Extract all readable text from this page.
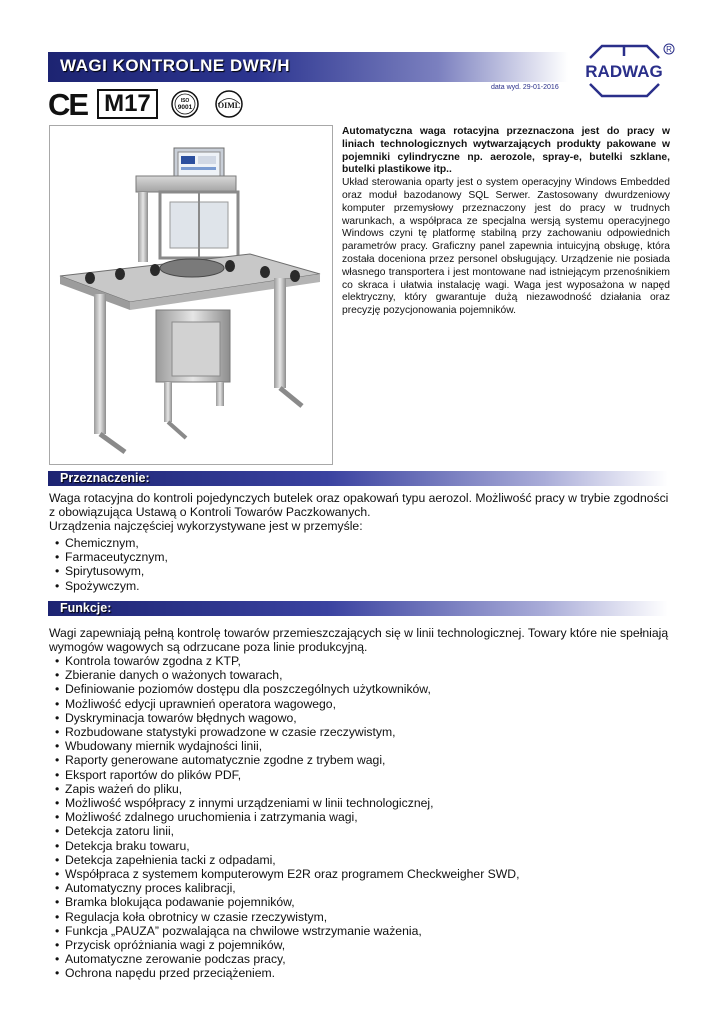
WAGI KONTROLNE DWR/H	RADWAG
R
data wyd. 29-01-2016
CE M17	ISO
9001	OIML
Automatyczna waga rotacyjna przeznaczona jest do pracy w liniach technologicznych wytwarzających produkty pakowane w pojemniki cylindryczne np. aerozole, spray-e, butelki szklane, butelki plastikowe itp..
Układ sterowania oparty jest o system operacyjny Windows Embedded oraz moduł bazodanowy SQL Serwer. Zastosowany dwurdzeniowy komputer przemysłowy przeznaczony jest do pracy w trudnych warunkach, a współpraca ze specjalna wersją systemu operacyjnego Windows czyni tę platformę stabilną przy zachowaniu odpowiednich parametrów pracy. Graficzny panel zapewnia intuicyjną obsługę, która została doceniona przez personel obsługujący. Urządzenie nie posiada własnego transportera i jest montowane nad istniejącym przenośnikiem co skraca i ułatwia instalację wagi. Waga jest wyposażona w napęd elektryczny, który gwarantuje dużą niezawodność działania oraz precyzję pozycjonowania pojemników.
Przeznaczenie:
Waga rotacyjna do kontroli pojedynczych butelek oraz opakowań typu aerozol. Możliwość pracy w trybie zgodności z obowiązująca Ustawą o Kontroli Towarów Paczkowanych.
Urządzenia najczęściej wykorzystywane jest w przemyśle:
• Chemicznym,
• Farmaceutycznym,
• Spirytusowym,
• Spożywczym.
Funkcje:
Wagi zapewniają pełną kontrolę towarów przemieszczających się w linii technologicznej. Towary które nie spełniają wymogów wagowych są odrzucane poza linie produkcyjną.
• Kontrola towarów zgodna z KTP,
• Zbieranie danych o ważonych towarach,
• Definiowanie poziomów dostępu dla poszczególnych użytkowników,
• Możliwość edycji uprawnień operatora wagowego,
• Dyskryminacja towarów błędnych wagowo,
• Rozbudowane statystyki prowadzone w czasie rzeczywistym,
• Wbudowany miernik wydajności linii,
• Raporty generowane automatycznie zgodne z trybem wagi,
• Eksport raportów do plików PDF,
• Zapis ważeń do pliku,
• Możliwość współpracy z innymi urządzeniami w linii technologicznej,
• Możliwość zdalnego uruchomienia i zatrzymania wagi,
• Detekcja zatoru linii,
• Detekcja braku towaru,
• Detekcja zapełnienia tacki z odpadami,
• Współpraca z systemem komputerowym E2R oraz programem Checkweigher SWD,
• Automatyczny proces kalibracji,
• Bramka blokująca podawanie pojemników,
• Regulacja koła obrotnicy w czasie rzeczywistym,
• Funkcja „PAUZA” pozwalająca na chwilowe wstrzymanie ważenia,
• Przycisk opróżniania wagi z pojemników,
• Automatyczne zerowanie podczas pracy,
• Ochrona napędu przed przeciążeniem.
